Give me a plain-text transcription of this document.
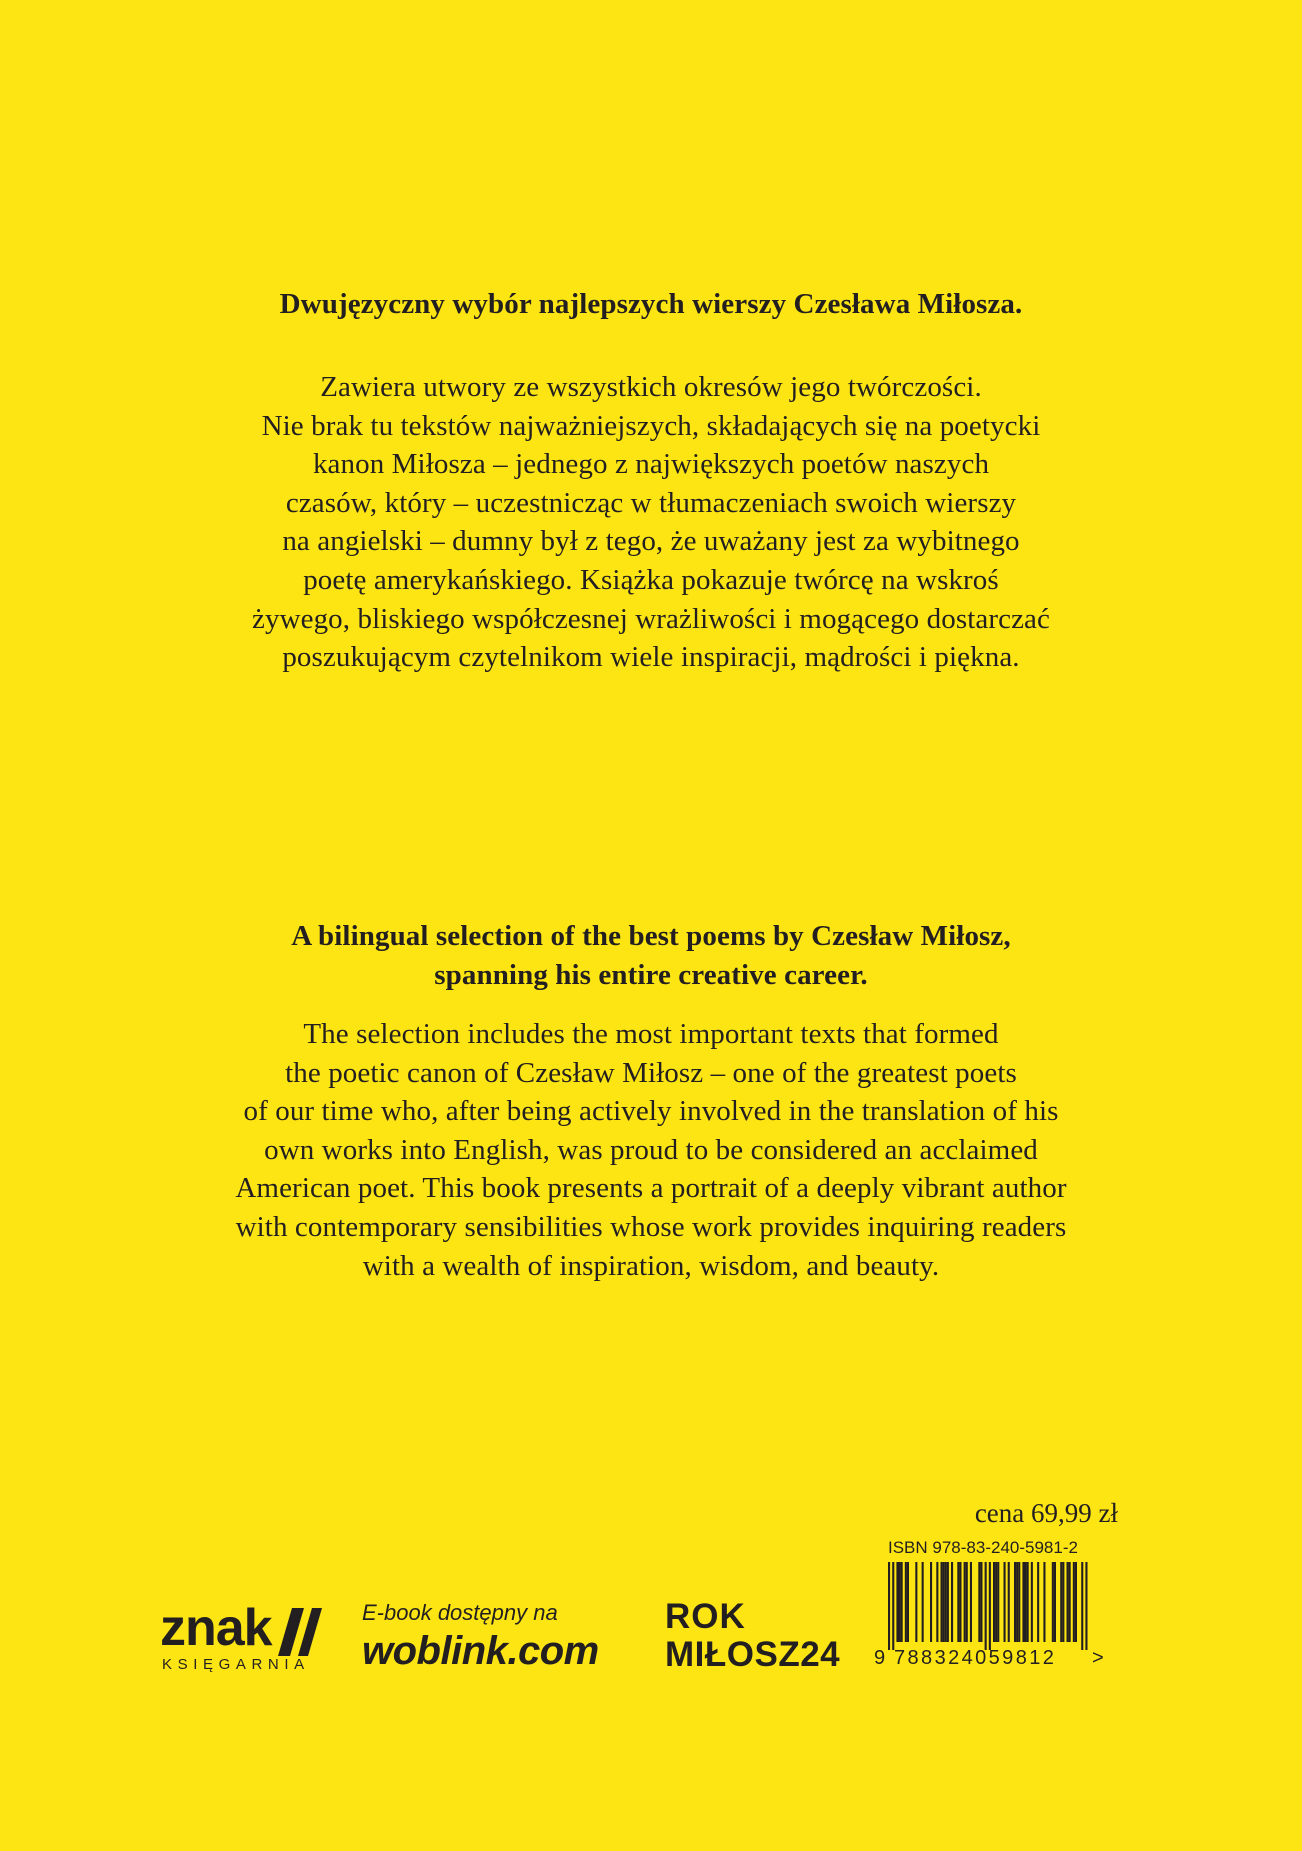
Dwujęzyczny wybór najlepszych wierszy Czesława Miłosza.
Zawiera utwory ze wszystkich okresów jego twórczości.
Nie brak tu tekstów najważniejszych, składających się na poetycki
kanon Miłosza – jednego z największych poetów naszych
czasów, który – uczestnicząc w tłumaczeniach swoich wierszy
na angielski – dumny był z tego, że uważany jest za wybitnego
poetę amerykańskiego. Książka pokazuje twórcę na wskroś
żywego, bliskiego współczesnej wrażliwości i mogącego dostarczać
poszukującym czytelnikom wiele inspiracji, mądrości i piękna.
A bilingual selection of the best poems by Czesław Miłosz,
spanning his entire creative career.
The selection includes the most important texts that formed
the poetic canon of Czesław Miłosz – one of the greatest poets
of our time who, after being actively involved in the translation of his
own works into English, was proud to be considered an acclaimed
American poet. This book presents a portrait of a deeply vibrant author
with contemporary sensibilities whose work provides inquiring readers
with a wealth of inspiration, wisdom, and beauty.
znak
KSIĘGARNIA
E-book dostępny na
woblink.com
ROK
MIŁOSZ24
cena 69,99 zł
ISBN 978-83-240-5981-2
9 788324059812 >
